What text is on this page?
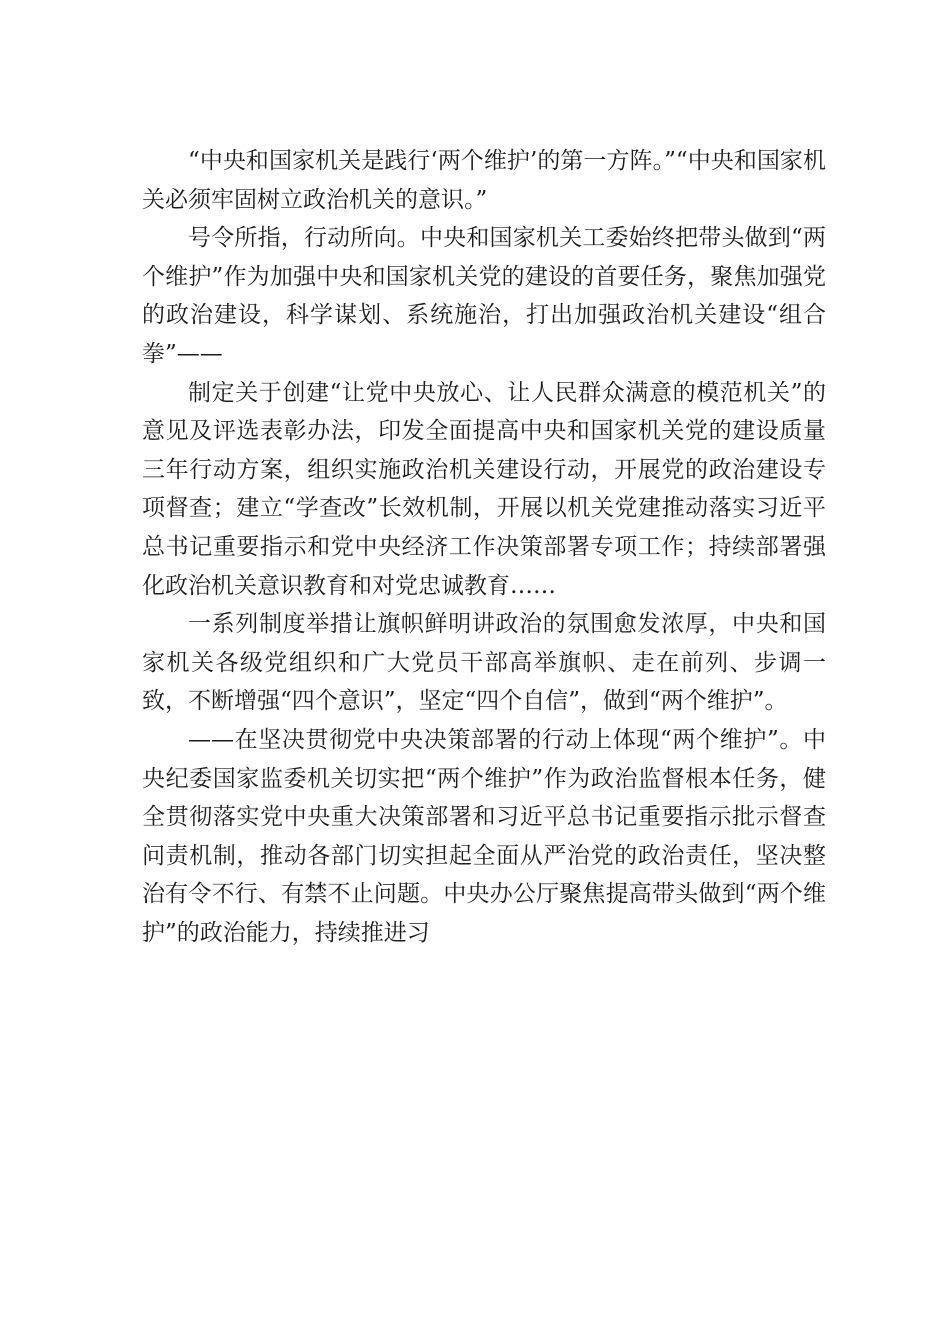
“中央和国家机关是践行‘两个维护’的第一方阵。”“中央和国家机关必须牢固树立政治机关的意识。”

号令所指，行动所向。中央和国家机关工委始终把带头做到“两个维护”作为加强中央和国家机关党的建设的首要任务，聚焦加强党的政治建设，科学谋划、系统施治，打出加强政治机关建设“组合拳”——

制定关于创建“让党中央放心、让人民群众满意的模范机关”的意见及评选表彰办法，印发全面提高中央和国家机关党的建设质量三年行动方案，组织实施政治机关建设行动，开展党的政治建设专项督查；建立“学查改”长效机制，开展以机关党建推动落实习近平总书记重要指示和党中央经济工作决策部署专项工作；持续部署强化政治机关意识教育和对党忠诚教育……

一系列制度举措让旗帜鲜明讲政治的氛围愈发浓厚，中央和国家机关各级党组织和广大党员干部高举旗帜、走在前列、步调一致，不断增强“四个意识”，坚定“四个自信”，做到“两个维护”。

——在坚决贯彻党中央决策部署的行动上体现“两个维护”。中央纪委国家监委机关切实把“两个维护”作为政治监督根本任务，健全贯彻落实党中央重大决策部署和习近平总书记重要指示批示督查问责机制，推动各部门切实担起全面从严治党的政治责任，坚决整治有令不行、有禁不止问题。中央办公厅聚焦提高带头做到“两个维护”的政治能力，持续推进习
